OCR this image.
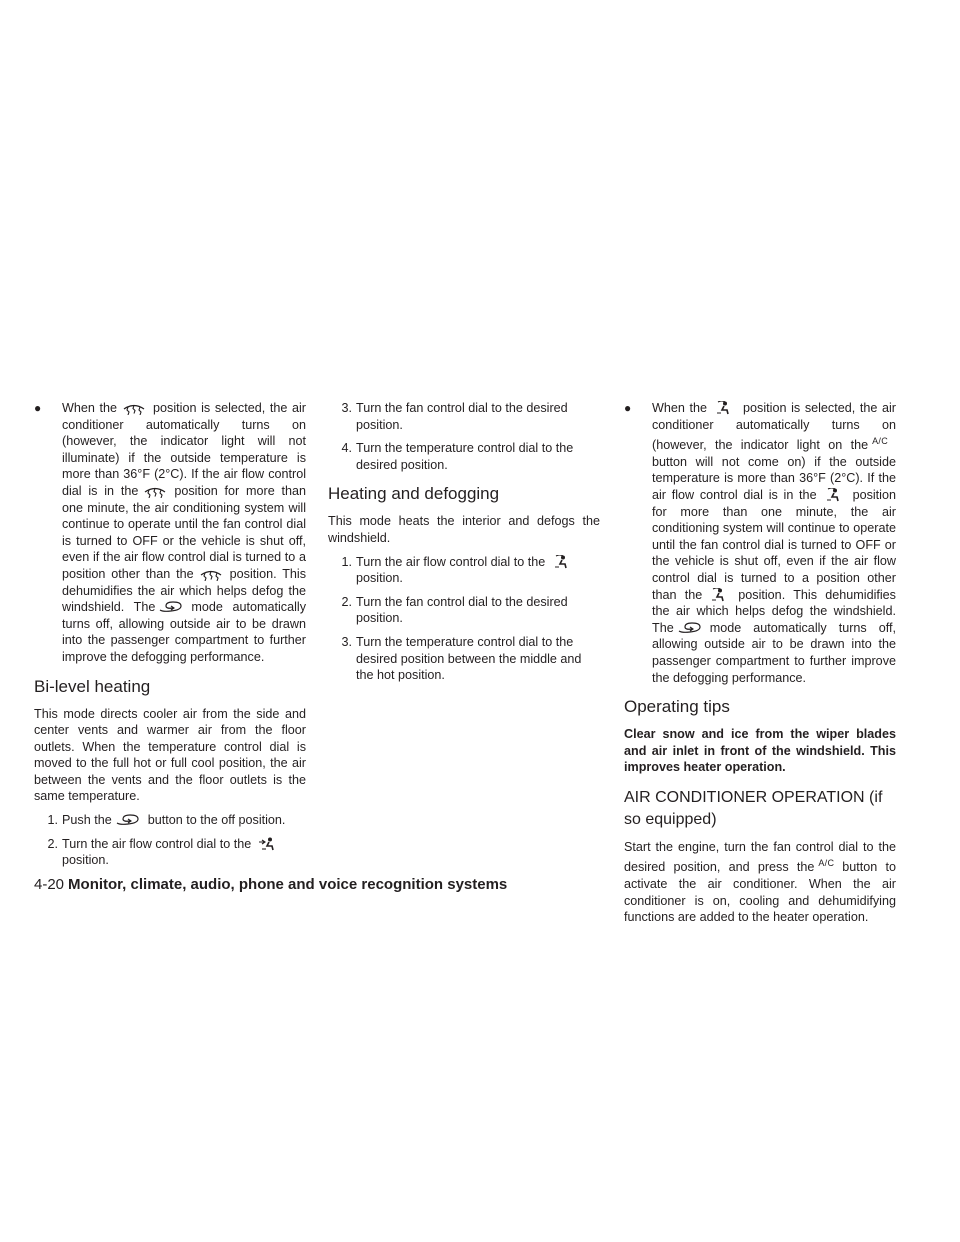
●	When the	position is selected, the air conditioner automatically turns on (however, the indicator light will not illuminate) if the outside temperature is more than 36°F (2°C). If the air flow control dial is in the	position for more than one minute, the air conditioning system will continue to operate until the fan control dial is turned to OFF or the vehicle is shut off, even if the air flow control dial is turned to a position other than the	position. This dehumidifies the air which helps defog the windshield. The	mode automatically turns off, allowing outside air to be drawn into the passenger compartment to further improve the defogging performance.
Bi-level heating

This mode directs cooler air from the side and center vents and warmer air from the floor outlets. When the temperature control dial is moved to the full hot or full cool position, the air between the vents and the floor outlets is the same temperature.

1. Push the	button to the off position.
2. Turn the air flow control dial to the

position.
3. Turn the fan control dial to the desired position.
4. Turn the temperature control dial to the desired position.
Heating and defogging

This mode heats the interior and defogs the windshield.

1. Turn the air flow control dial to the

position.
2. Turn the fan control dial to the desired position.
3. Turn the temperature control dial to the desired position between the middle and the hot position.
●	When the	position is selected, the air conditioner automatically turns on (however, the indicator light on the A/Cbutton will not come on) if the outside temperature is more than 36°F (2°C). If the air flow control dial is in the	position for more than one minute, the air conditioning system will continue to operate until the fan control dial is turned to OFF or the vehicle is shut off, even if the air flow control dial is turned to a position other than the	position. This dehumidifies the air which helps defog the windshield. The	mode automatically turns off, allowing outside air to be drawn into the passenger compartment to further improve the defogging performance.
Operating tips

Clear snow and ice from the wiper blades and air inlet in front of the windshield. This improves heater operation.

AIR CONDITIONER OPERATION (if so equipped)

Start the engine, turn the fan control dial to the desired position, and press the A/C button to activate the air conditioner. When the air conditioner is on, cooling and dehumidifying functions are added to the heater operation.

4-20 Monitor, climate, audio, phone and voice recognition systems
